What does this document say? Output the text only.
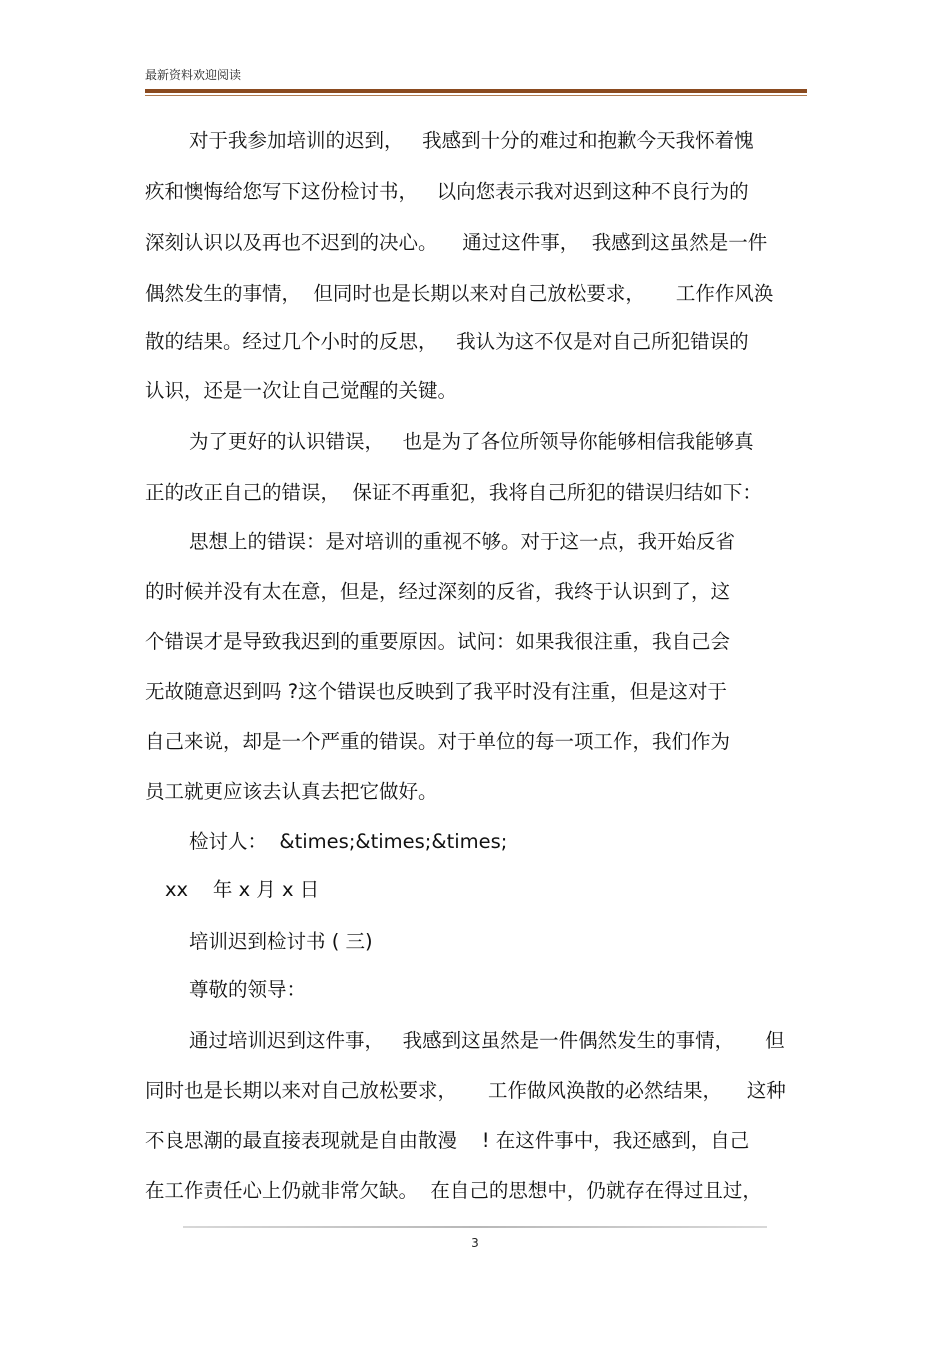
最新资料欢迎阅读
对于我参加培训的迟到，   我感到十分的难过和抱歉今天我怀着愧
疚和懊悔给您写下这份检讨书，   以向您表示我对迟到这种不良行为的
深刻认识以及再也不迟到的决心。    通过这件事，  我感到这虽然是一件
偶然发生的事情，  但同时也是长期以来对自己放松要求，     工作作风涣
散的结果。经过几个小时的反思，   我认为这不仅是对自己所犯错误的
认识，还是一次让自己觉醒的关键。
为了更好的认识错误，   也是为了各位所领导你能够相信我能够真
正的改正自己的错误，  保证不再重犯，我将自己所犯的错误归结如下：
思想上的错误：是对培训的重视不够。对于这一点，我开始反省
的时候并没有太在意，但是，经过深刻的反省，我终于认识到了，这
个错误才是导致我迟到的重要原因。试问：如果我很注重，我自己会
无故随意迟到吗 ?这个错误也反映到了我平时没有注重，但是这对于
自己来说，却是一个严重的错误。对于单位的每一项工作，我们作为
员工就更应该去认真去把它做好。
检讨人：  &times;&times;&times;
xx    年 x 月 x 日
培训迟到检讨书 ( 三)
尊敬的领导：
通过培训迟到这件事，   我感到这虽然是一件偶然发生的事情，     但
同时也是长期以来对自己放松要求，     工作做风涣散的必然结果，    这种
不良思潮的最直接表现就是自由散漫    ! 在这件事中，我还感到，自己
在工作责任心上仍就非常欠缺。  在自己的思想中，仍就存在得过且过，
3
